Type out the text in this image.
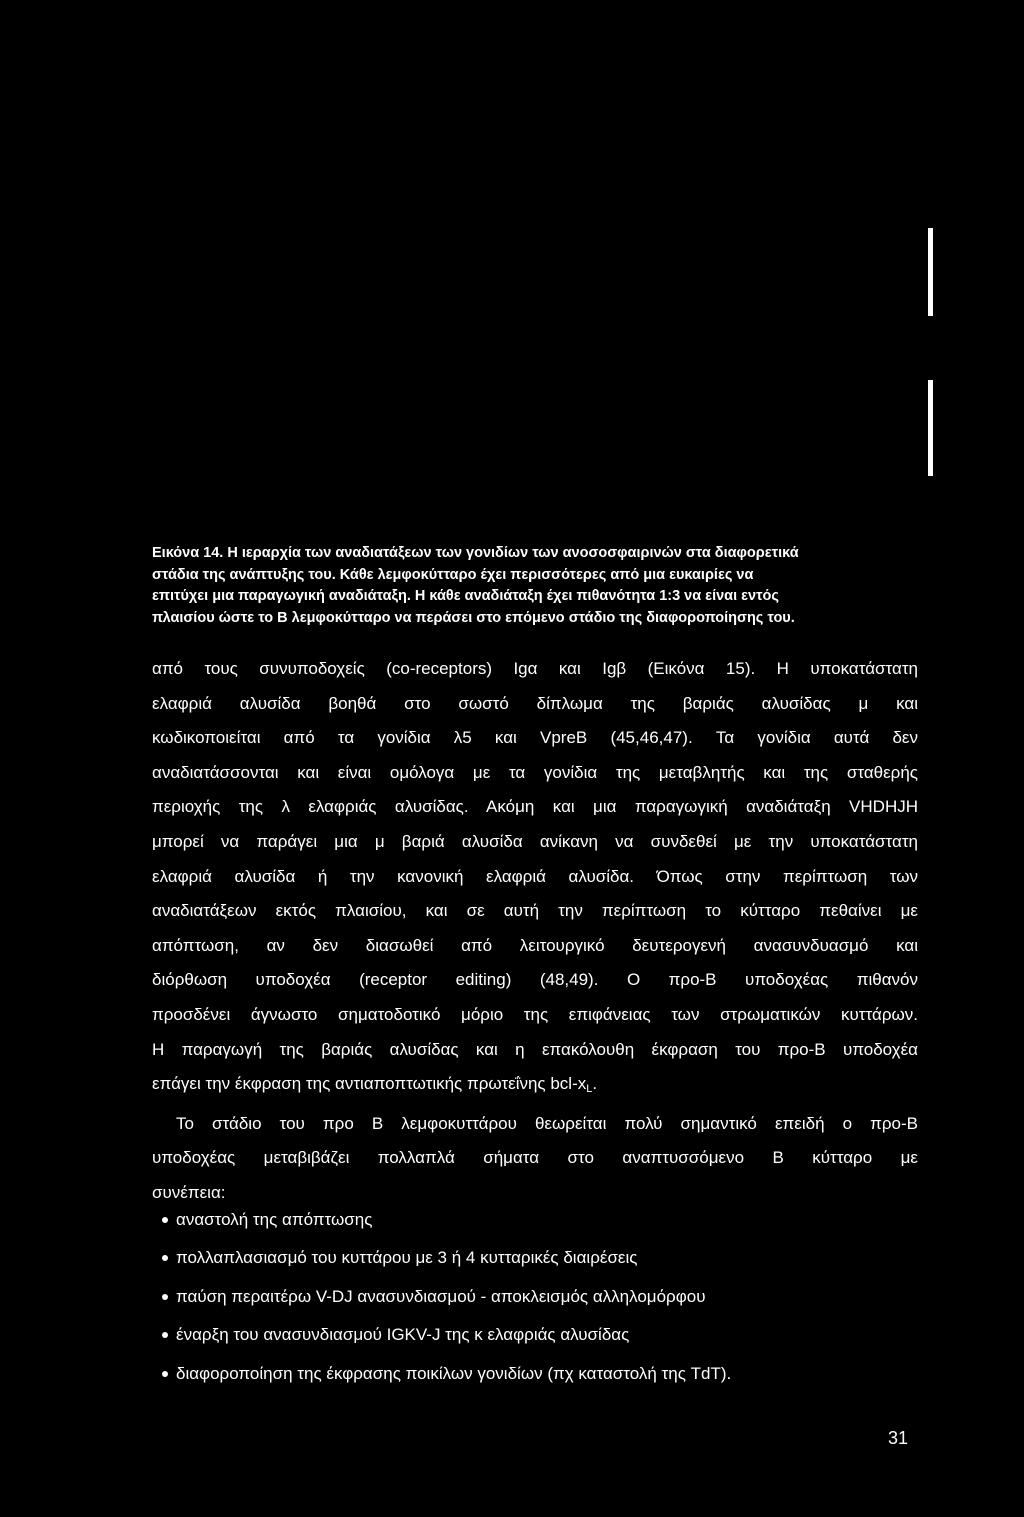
Εικόνα 14. Η ιεραρχία των αναδιατάξεων των γονιδίων των ανοσοσφαιρινών στα διαφορετικά

στάδια της ανάπτυξης του. Κάθε λεμφοκύτταρο έχει περισσότερες από μια ευκαιρίες να

επιτύχει μια παραγωγική αναδιάταξη. Η κάθε αναδιάταξη έχει πιθανότητα 1:3 να είναι εντός

πλαισίου ώστε το Β λεμφοκύτταρο να περάσει στο επόμενο στάδιο της διαφοροποίησης του.

από τους συνυποδοχείς (co-receptors) Igα και Igβ (Εικόνα 15). Η υποκατάστατη
ελαφριά αλυσίδα βοηθά στο σωστό δίπλωμα της βαριάς αλυσίδας μ και
κωδικοποιείται από τα γονίδια λ5 και VpreB (45,46,47). Τα γονίδια αυτά δεν
αναδιατάσσονται και είναι ομόλογα με τα γονίδια της μεταβλητής και της σταθερής
περιοχής της λ ελαφριάς αλυσίδας. Ακόμη και μια παραγωγική αναδιάταξη VHDHJH
μπορεί να παράγει μια μ βαριά αλυσίδα ανίκανη να συνδεθεί με την υποκατάστατη
ελαφριά αλυσίδα ή την κανονική ελαφριά αλυσίδα. Όπως στην περίπτωση των
αναδιατάξεων εκτός πλαισίου, και σε αυτή την περίπτωση το κύτταρο πεθαίνει με
απόπτωση, αν δεν διασωθεί από λειτουργικό δευτερογενή ανασυνδυασμό και
διόρθωση υποδοχέα (receptor editing) (48,49). Ο προ-Β υποδοχέας πιθανόν
προσδένει άγνωστο σηματοδοτικό μόριο της επιφάνειας των στρωματικών κυττάρων.
Η παραγωγή της βαριάς αλυσίδας και η επακόλουθη έκφραση του προ-Β υποδοχέα
επάγει την έκφραση της αντιαποπτωτικής πρωτεΐνης bcl-$x_L$.

Το στάδιο του προ Β λεμφοκυττάρου θεωρείται πολύ σημαντικό επειδή ο προ-Β
υποδοχέας μεταβιβάζει πολλαπλά σήματα στο αναπτυσσόμενο Β κύτταρο με
συνέπεια:

αναστολή της απόπτωσης
πολλαπλασιασμό του κυττάρου με 3 ή 4 κυτταρικές διαιρέσεις
παύση περαιτέρω V-DJ ανασυνδιασμού - αποκλεισμός αλληλομόρφου
έναρξη του ανασυνδιασμού IGKV-J της κ ελαφριάς αλυσίδας
διαφοροποίηση της έκφρασης ποικίλων γονιδίων (πχ καταστολή της TdT).
31
